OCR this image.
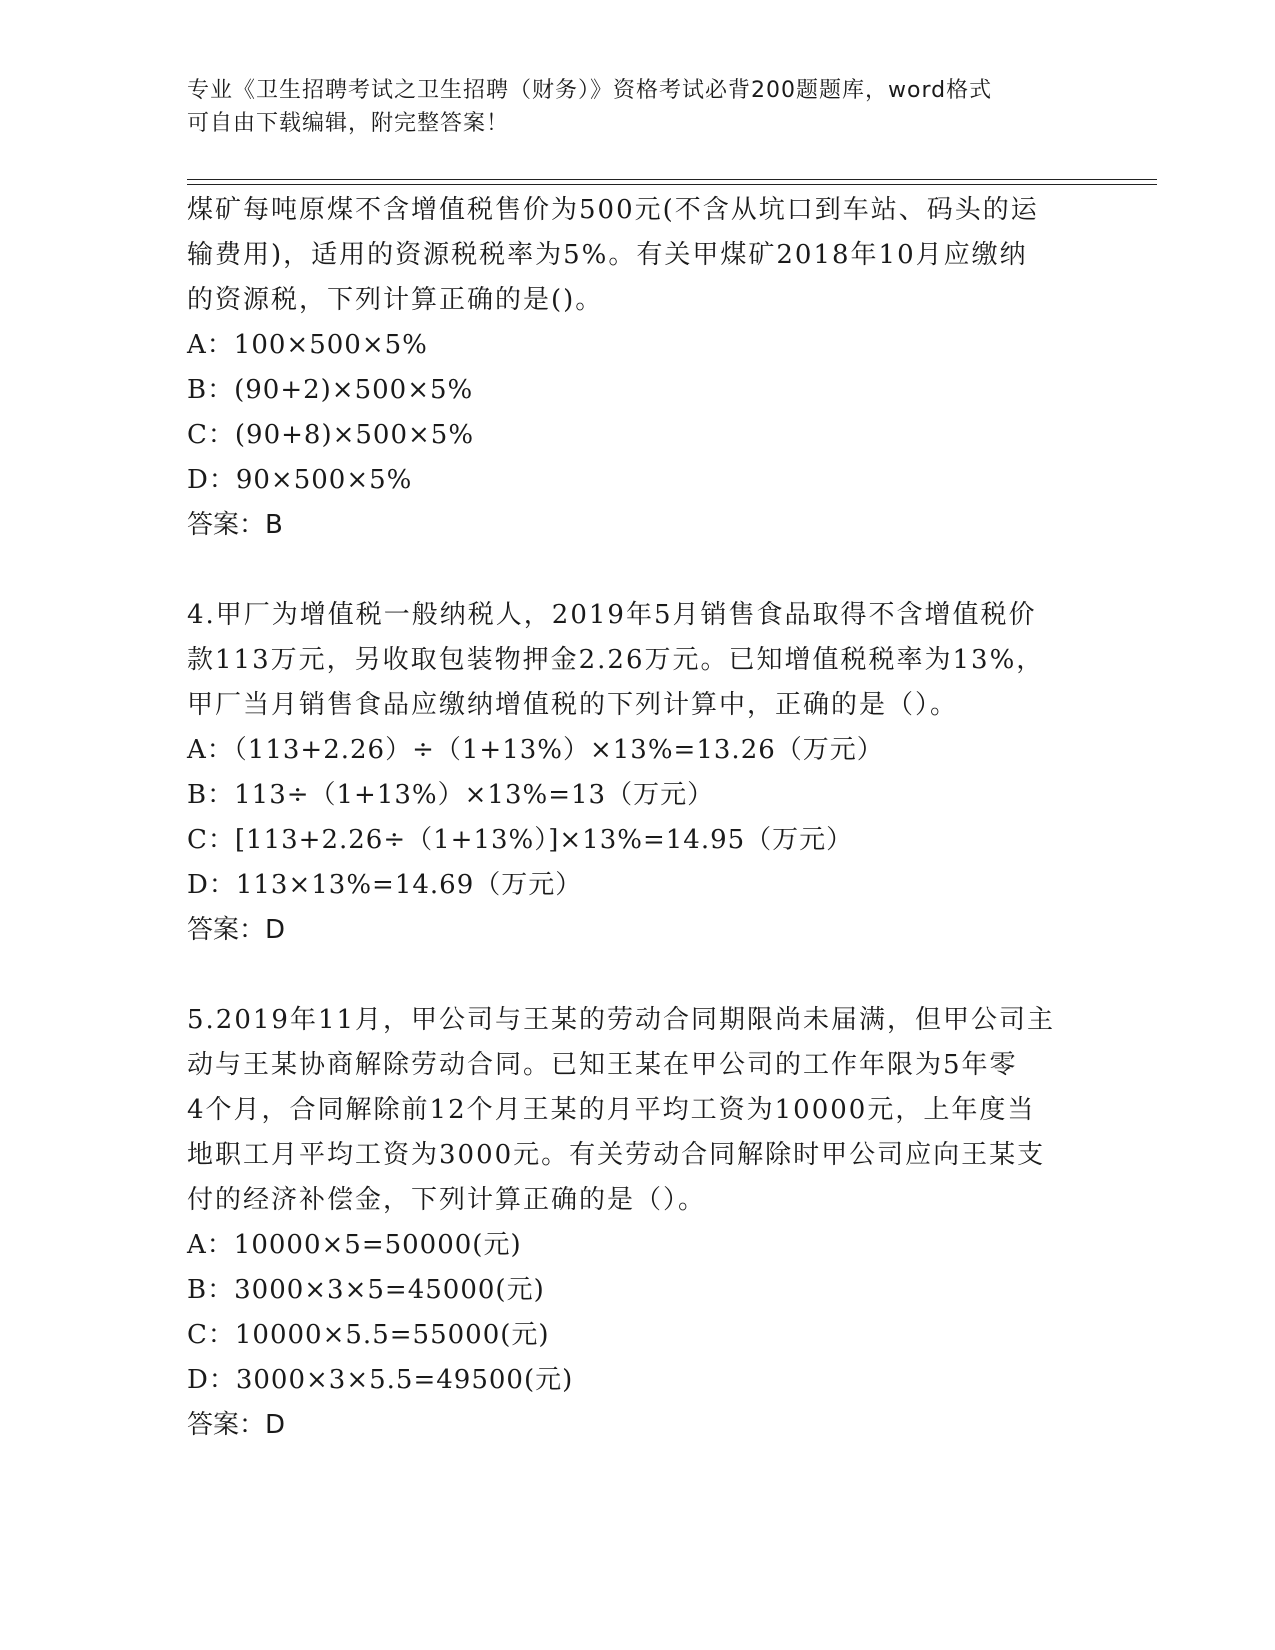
专业《卫生招聘考试之卫生招聘（财务）》资格考试必背200题题库，word格式
可自由下载编辑，附完整答案！
煤矿每吨原煤不含增值税售价为500元(不含从坑口到车站、码头的运
输费用)，适用的资源税税率为5%。有关甲煤矿2018年10月应缴纳
的资源税，下列计算正确的是()。
A：100×500×5%
B：(90+2)×500×5%
C：(90+8)×500×5%
D：90×500×5%
答案：B
4.甲厂为增值税一般纳税人，2019年5月销售食品取得不含增值税价
款113万元，另收取包装物押金2.26万元。已知增值税税率为13%，
甲厂当月销售食品应缴纳增值税的下列计算中，正确的是（）。
A：（113+2.26）÷（1+13%）×13%=13.26（万元）
B：113÷（1+13%）×13%=13（万元）
C：[113+2.26÷（1+13%）]×13%=14.95（万元）
D：113×13%=14.69（万元）
答案：D
5.2019年11月，甲公司与王某的劳动合同期限尚未届满，但甲公司主
动与王某协商解除劳动合同。已知王某在甲公司的工作年限为5年零
4个月，合同解除前12个月王某的月平均工资为10000元，上年度当
地职工月平均工资为3000元。有关劳动合同解除时甲公司应向王某支
付的经济补偿金，下列计算正确的是（）。
A：10000×5=50000(元)
B：3000×3×5=45000(元)
C：10000×5.5=55000(元)
D：3000×3×5.5=49500(元)
答案：D
